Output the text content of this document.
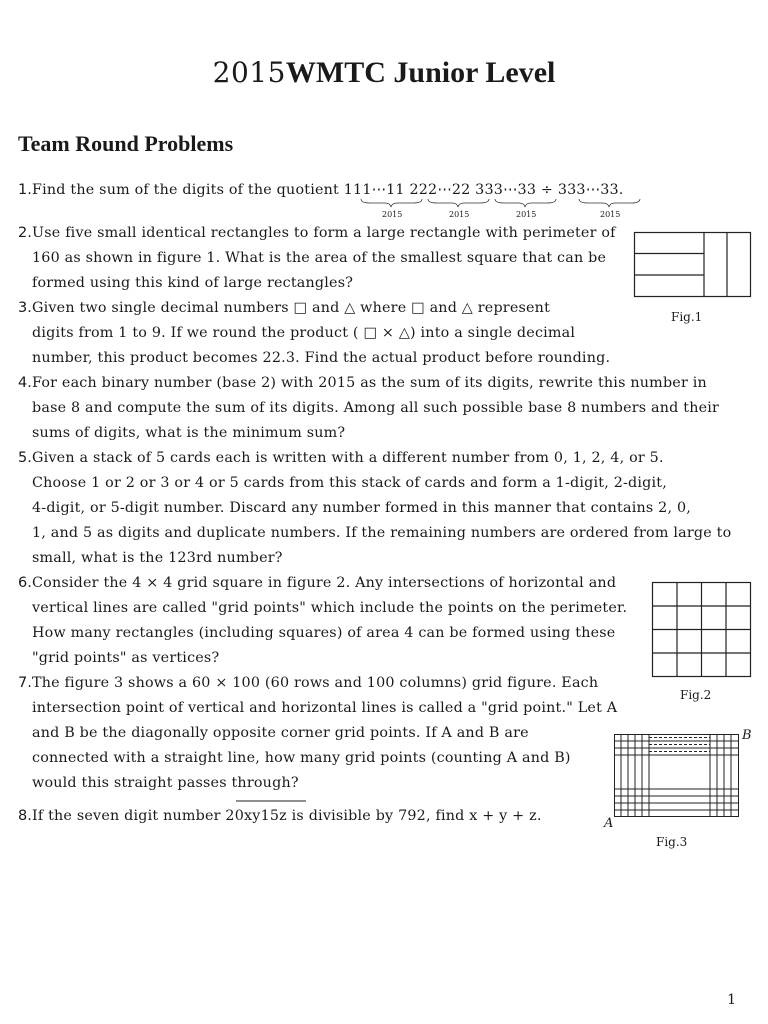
2015WMTC Junior Level
Team Round Problems
1. Find the sum of the digits of the quotient 111⋯11 222⋯22 333⋯33 ÷ 333⋯33.
2015	2015	2015	2015
2. Use five small identical rectangles to form a large rectangle with perimeter of
160 as shown in figure 1. What is the area of the smallest square that can be
formed using this kind of large rectangles?
Fig.1
3. Given two single decimal numbers □ and △ where □ and △ represent
digits from 1 to 9. If we round the product ( □ × △) into a single decimal
number, this product becomes 22.3. Find the actual product before rounding.
4. For each binary number (base 2) with 2015 as the sum of its digits, rewrite this number in
base 8 and compute the sum of its digits. Among all such possible base 8 numbers and their
sums of digits, what is the minimum sum?
5. Given a stack of 5 cards each is written with a different number from 0, 1, 2, 4, or 5.
Choose 1 or 2 or 3 or 4 or 5 cards from this stack of cards and form a 1-digit, 2-digit,
4-digit, or 5-digit number. Discard any number formed in this manner that contains 2, 0,
1, and 5 as digits and duplicate numbers. If the remaining numbers are ordered from large to
small, what is the 123rd number?
6. Consider the 4 × 4 grid square in figure 2. Any intersections of horizontal and
vertical lines are called "grid points" which include the points on the perimeter.
How many rectangles (including squares) of area 4 can be formed using these
"grid points" as vertices?
Fig.2
7. The figure 3 shows a 60 × 100 (60 rows and 100 columns) grid figure. Each
intersection point of vertical and horizontal lines is called a "grid point." Let A
and B be the diagonally opposite corner grid points. If A and B are
connected with a straight line, how many grid points (counting A and B)
would this straight passes through?
B
A
Fig.3
8. If the seven digit number 20xy15z is divisible by 792, find x + y + z.
1
